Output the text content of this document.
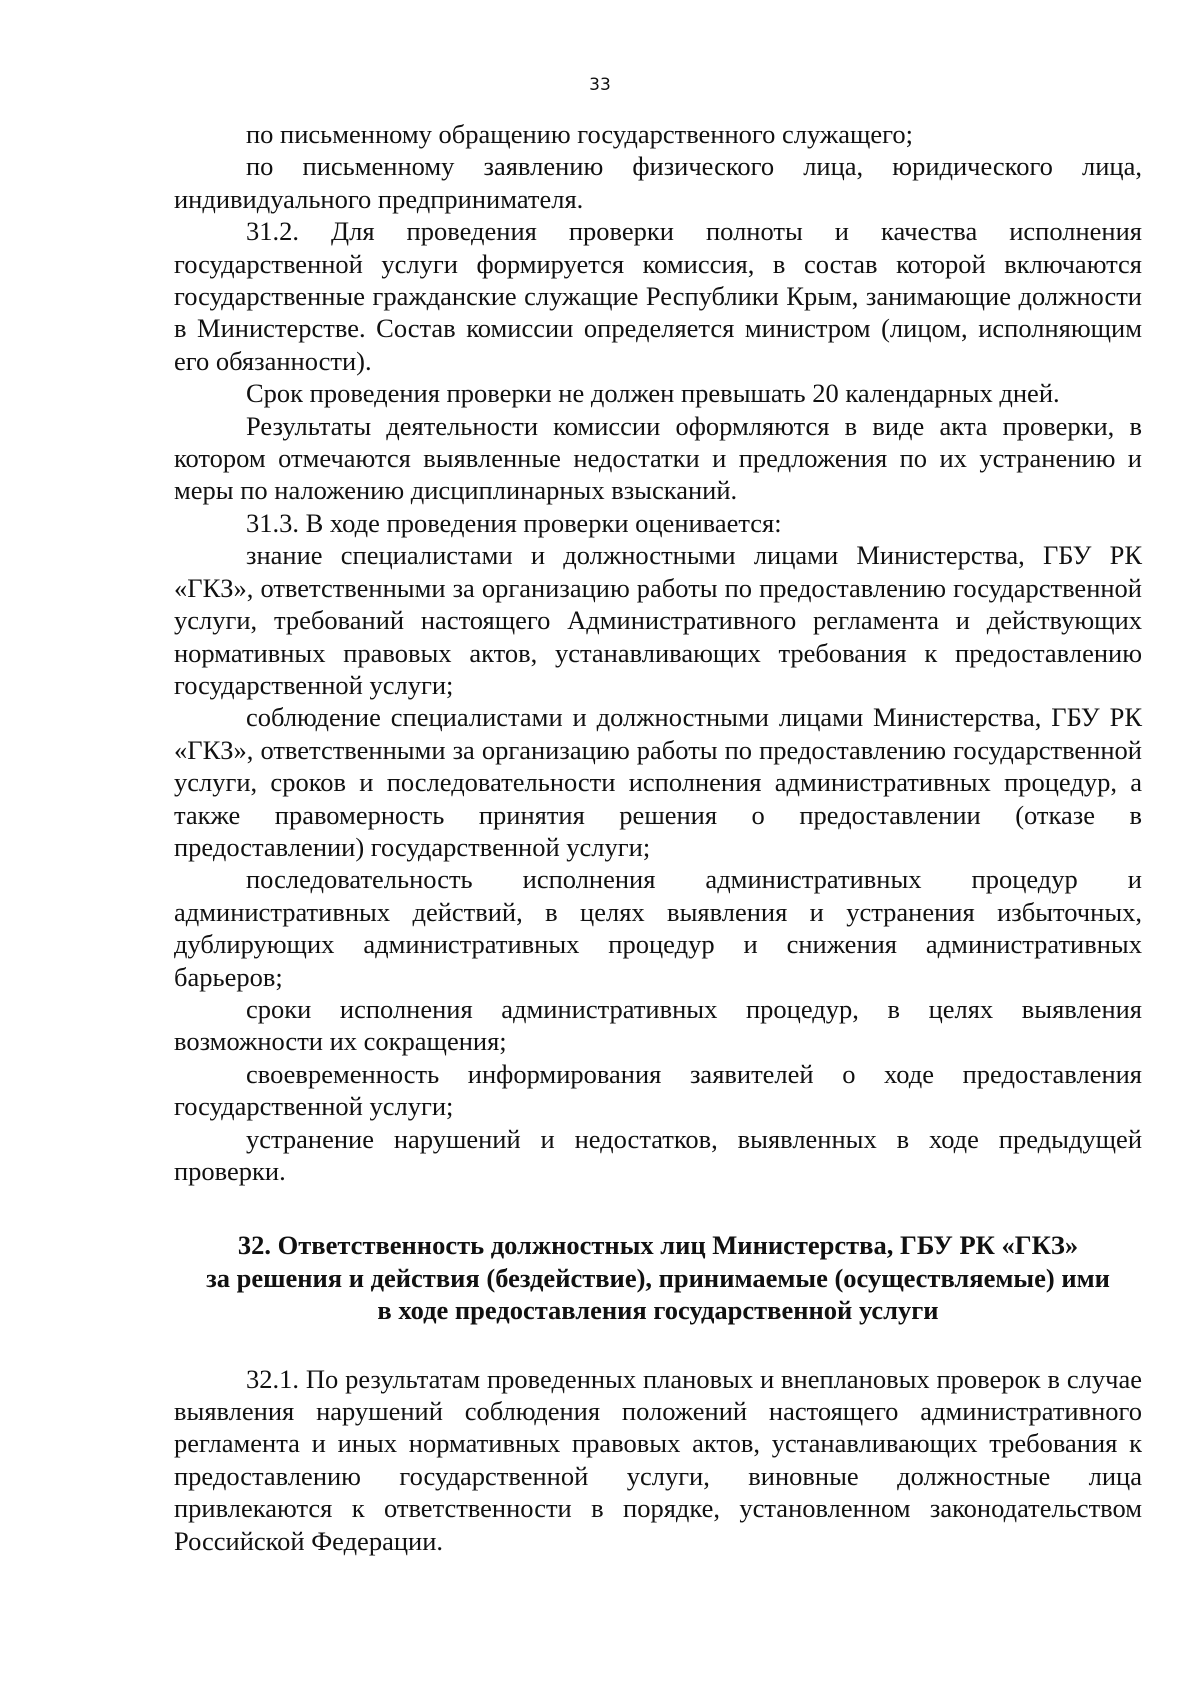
33

по письменному обращению государственного служащего;

по письменному заявлению физического лица, юридического лица, индивидуального предпринимателя.

31.2. Для проведения проверки полноты и качества исполнения государственной услуги формируется комиссия, в состав которой включаются государственные гражданские служащие Республики Крым, занимающие должности в Министерстве. Состав комиссии определяется министром (лицом, исполняющим его обязанности).

Срок проведения проверки не должен превышать 20 календарных дней.

Результаты деятельности комиссии оформляются в виде акта проверки, в котором отмечаются выявленные недостатки и предложения по их устранению и меры по наложению дисциплинарных взысканий.

31.3. В ходе проведения проверки оценивается:

знание специалистами и должностными лицами Министерства, ГБУ РК «ГКЗ», ответственными за организацию работы по предоставлению государственной услуги, требований настоящего Административного регламента и действующих нормативных правовых актов, устанавливающих требования к предоставлению государственной услуги;

соблюдение специалистами и должностными лицами Министерства, ГБУ РК «ГКЗ», ответственными за организацию работы по предоставлению государственной услуги, сроков и последовательности исполнения административных процедур, а также правомерность принятия решения о предоставлении (отказе в предоставлении) государственной услуги;

последовательность исполнения административных процедур и административных действий, в целях выявления и устранения избыточных, дублирующих административных процедур и снижения административных барьеров;

сроки исполнения административных процедур, в целях выявления возможности их сокращения;

своевременность информирования заявителей о ходе предоставления государственной услуги;

устранение нарушений и недостатков, выявленных в ходе предыдущей проверки.

32. Ответственность должностных лиц Министерства, ГБУ РК «ГКЗ»
за решения и действия (бездействие), принимаемые (осуществляемые) ими
в ходе предоставления государственной услуги

32.1. По результатам проведенных плановых и внеплановых проверок в случае выявления нарушений соблюдения положений настоящего административного регламента и иных нормативных правовых актов, устанавливающих требования к предоставлению государственной услуги, виновные должностные лица привлекаются к ответственности в порядке, установленном законодательством Российской Федерации.
